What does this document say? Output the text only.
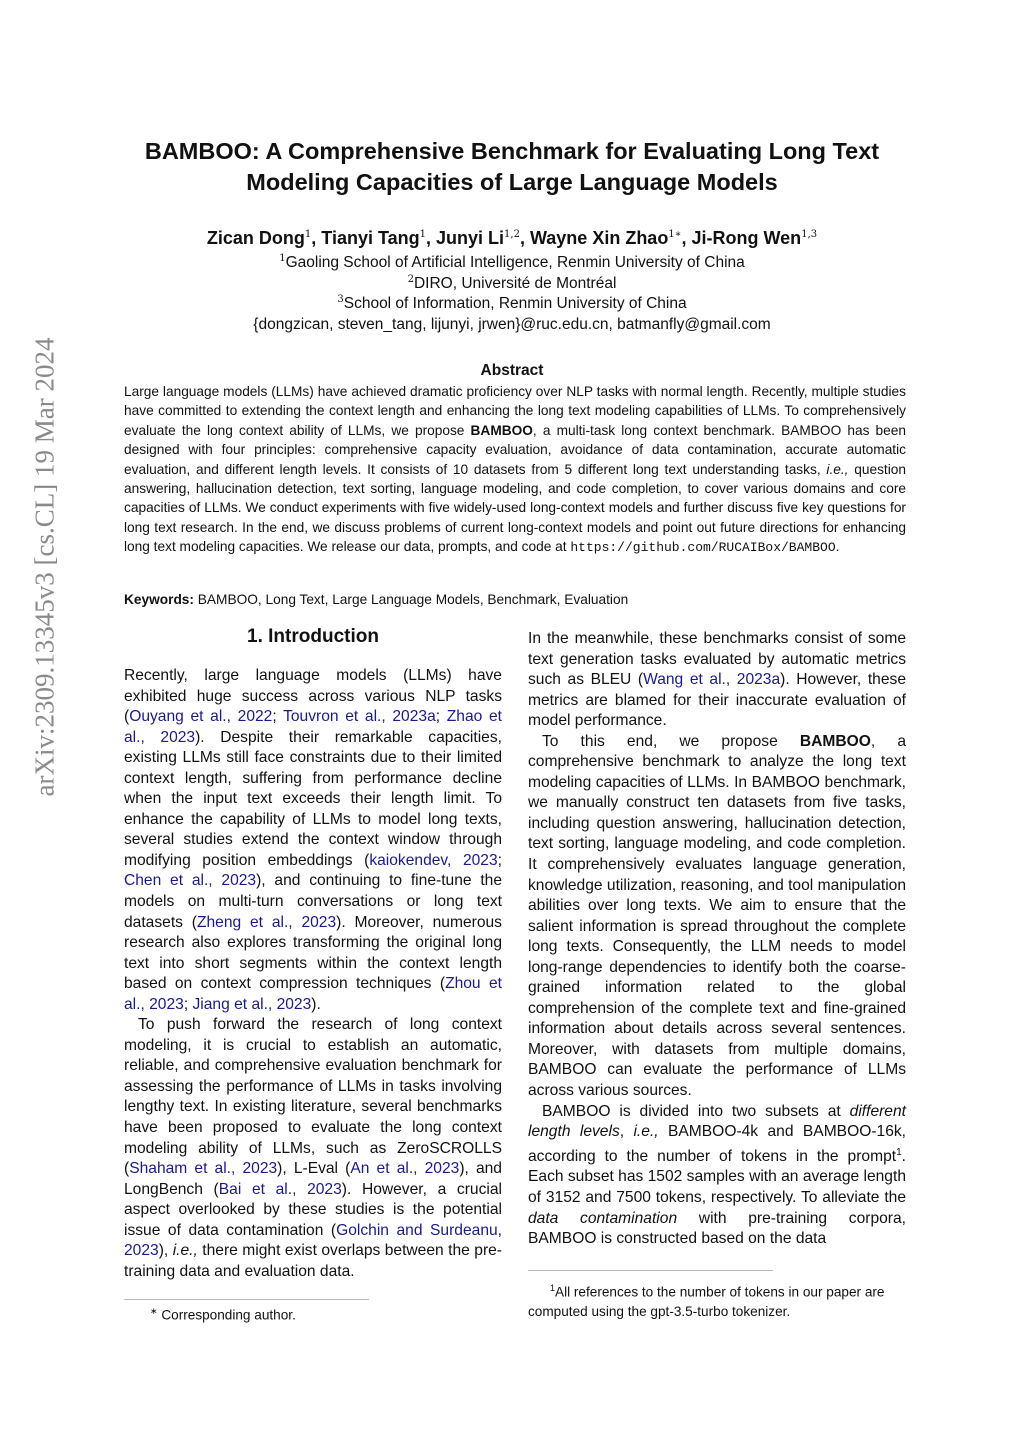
arXiv:2309.13345v3 [cs.CL] 19 Mar 2024
BAMBOO: A Comprehensive Benchmark for Evaluating Long Text Modeling Capacities of Large Language Models
Zican Dong$^1$, Tianyi Tang$^1$, Junyi Li$^{1,2}$, Wayne Xin Zhao$^{1∗}$, Ji-Rong Wen$^{1,3}$
$^1$Gaoling School of Artificial Intelligence, Renmin University of China
$^2$DIRO, Université de Montréal
$^3$School of Information, Renmin University of China
{dongzican, steven_tang, lijunyi, jrwen}@ruc.edu.cn, batmanfly@gmail.com
Abstract
Large language models (LLMs) have achieved dramatic proficiency over NLP tasks with normal length. Recently, multiple studies have committed to extending the context length and enhancing the long text modeling capabilities of LLMs. To comprehensively evaluate the long context ability of LLMs, we propose BAMBOO, a multi-task long context benchmark. BAMBOO has been designed with four principles: comprehensive capacity evaluation, avoidance of data contamination, accurate automatic evaluation, and different length levels. It consists of 10 datasets from 5 different long text understanding tasks, i.e., question answering, hallucination detection, text sorting, language modeling, and code completion, to cover various domains and core capacities of LLMs. We conduct experiments with five widely-used long-context models and further discuss five key questions for long text research. In the end, we discuss problems of current long-context models and point out future directions for enhancing long text modeling capacities. We release our data, prompts, and code at https://github.com/RUCAIBox/BAMBOO.
Keywords: BAMBOO, Long Text, Large Language Models, Benchmark, Evaluation
1. Introduction

Recently, large language models (LLMs) have exhibited huge success across various NLP tasks (Ouyang et al., 2022; Touvron et al., 2023a; Zhao et al., 2023). Despite their remarkable capacities, existing LLMs still face constraints due to their limited context length, suffering from performance decline when the input text exceeds their length limit. To enhance the capability of LLMs to model long texts, several studies extend the context window through modifying position embeddings (kaiokendev, 2023; Chen et al., 2023), and continuing to fine-tune the models on multi-turn conversations or long text datasets (Zheng et al., 2023). Moreover, numerous research also explores transforming the original long text into short segments within the context length based on context compression techniques (Zhou et al., 2023; Jiang et al., 2023).

To push forward the research of long context modeling, it is crucial to establish an automatic, reliable, and comprehensive evaluation benchmark for assessing the performance of LLMs in tasks involving lengthy text. In existing literature, several benchmarks have been proposed to evaluate the long context modeling ability of LLMs, such as ZeroSCROLLS (Shaham et al., 2023), L-Eval (An et al., 2023), and LongBench (Bai et al., 2023). However, a crucial aspect overlooked by these studies is the potential issue of data contamination (Golchin and Surdeanu, 2023), i.e., there might exist overlaps between the pre-training data and evaluation data.

In the meanwhile, these benchmarks consist of some text generation tasks evaluated by automatic metrics such as BLEU (Wang et al., 2023a). However, these metrics are blamed for their inaccurate evaluation of model performance.

To this end, we propose BAMBOO, a comprehensive benchmark to analyze the long text modeling capacities of LLMs. In BAMBOO benchmark, we manually construct ten datasets from five tasks, including question answering, hallucination detection, text sorting, language modeling, and code completion. It comprehensively evaluates language generation, knowledge utilization, reasoning, and tool manipulation abilities over long texts. We aim to ensure that the salient information is spread throughout the complete long texts. Consequently, the LLM needs to model long-range dependencies to identify both the coarse-grained information related to the global comprehension of the complete text and fine-grained information about details across several sentences. Moreover, with datasets from multiple domains, BAMBOO can evaluate the performance of LLMs across various sources.

BAMBOO is divided into two subsets at different length levels, i.e., BAMBOO-4k and BAMBOO-16k, according to the number of tokens in the prompt$^1$. Each subset has 1502 samples with an average length of 3152 and 7500 tokens, respectively. To alleviate the data contamination with pre-training corpora, BAMBOO is constructed based on the data

∗ Corresponding author.
$^1$All references to the number of tokens in our paper are computed using the gpt-3.5-turbo tokenizer.
